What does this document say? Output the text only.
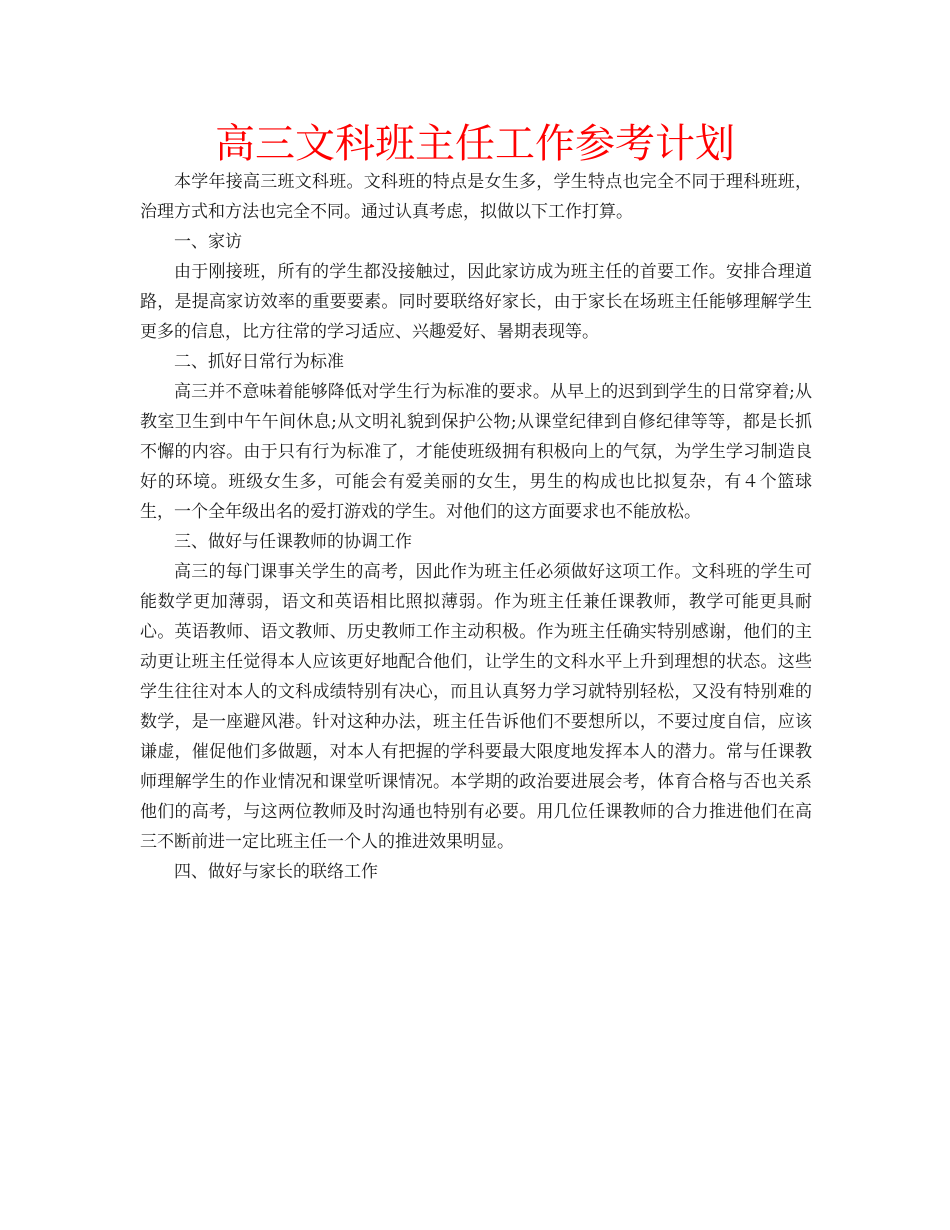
高三文科班主任工作参考计划

本学年接高三班文科班。文科班的特点是女生多，学生特点也完全不同于理科班班，治理方式和方法也完全不同。通过认真考虑，拟做以下工作打算。

一、家访

由于刚接班，所有的学生都没接触过，因此家访成为班主任的首要工作。安排合理道路，是提高家访效率的重要要素。同时要联络好家长，由于家长在场班主任能够理解学生更多的信息，比方往常的学习适应、兴趣爱好、暑期表现等。

二、抓好日常行为标准

高三并不意味着能够降低对学生行为标准的要求。从早上的迟到到学生的日常穿着;从教室卫生到中午午间休息;从文明礼貌到保护公物;从课堂纪律到自修纪律等等，都是长抓不懈的内容。由于只有行为标准了，才能使班级拥有积极向上的气氛，为学生学习制造良好的环境。班级女生多，可能会有爱美丽的女生，男生的构成也比拟复杂，有４个篮球生，一个全年级出名的爱打游戏的学生。对他们的这方面要求也不能放松。

三、做好与任课教师的协调工作

高三的每门课事关学生的高考，因此作为班主任必须做好这项工作。文科班的学生可能数学更加薄弱，语文和英语相比照拟薄弱。作为班主任兼任课教师，教学可能更具耐心。英语教师、语文教师、历史教师工作主动积极。作为班主任确实特别感谢，他们的主动更让班主任觉得本人应该更好地配合他们，让学生的文科水平上升到理想的状态。这些学生往往对本人的文科成绩特别有决心，而且认真努力学习就特别轻松，又没有特别难的数学，是一座避风港。针对这种办法，班主任告诉他们不要想所以，不要过度自信，应该谦虚，催促他们多做题，对本人有把握的学科要最大限度地发挥本人的潜力。常与任课教师理解学生的作业情况和课堂听课情况。本学期的政治要进展会考，体育合格与否也关系他们的高考，与这两位教师及时沟通也特别有必要。用几位任课教师的合力推进他们在高三不断前进一定比班主任一个人的推进效果明显。

四、做好与家长的联络工作
